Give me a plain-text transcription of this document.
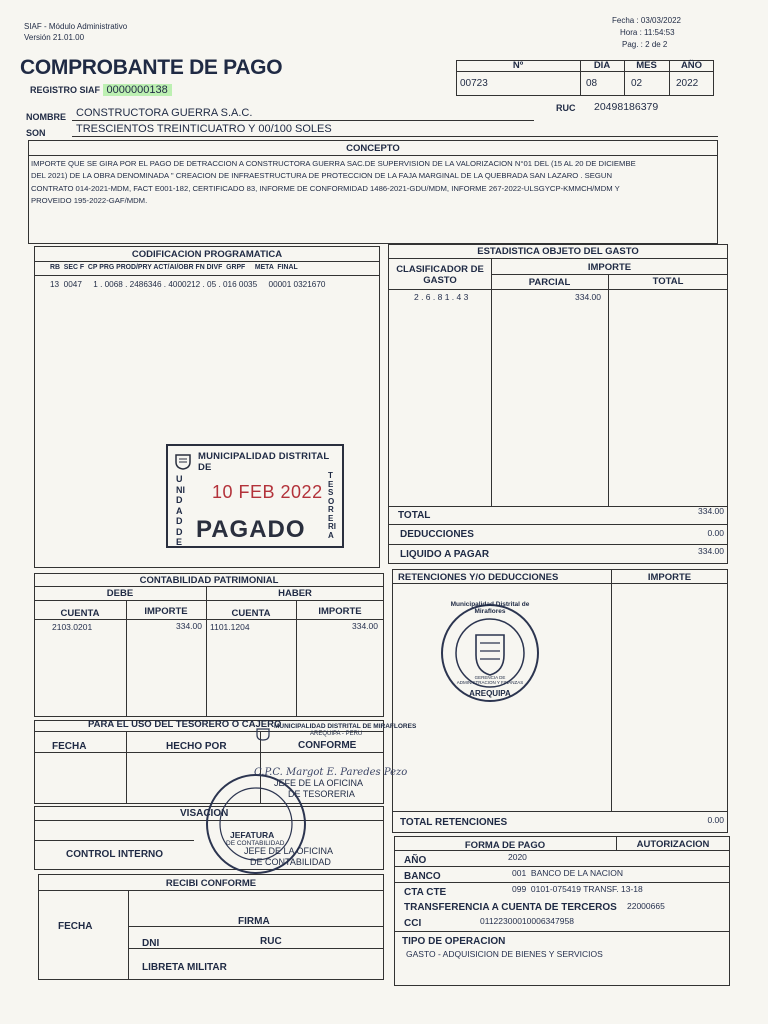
SIAF - Módulo Administrativo
Versión 21.01.00
Fecha : 03/03/2022
Hora : 11:54:53
Pag. : 2 de 2
COMPROBANTE DE PAGO
REGISTRO SIAF 0000000138
Nº	DIA	MES	AÑO
00723	08	02	2022
NOMBRE CONSTRUCTORA GUERRA S.A.C.	RUC 20498186379
SON	TRESCIENTOS TREINTICUATRO Y 00/100 SOLES
CONCEPTO
IMPORTE QUE SE GIRA POR EL PAGO DE DETRACCION A CONSTRUCTORA GUERRA SAC.DE SUPERVISION DE LA VALORIZACION N°01 DEL (15 AL 20 DE DICIEMBE
DEL 2021) DE LA OBRA DENOMINADA " CREACION DE INFRAESTRUCTURA DE PROTECCION DE LA FAJA MARGINAL DE LA QUEBRADA SAN LAZARO . SEGUN
CONTRATO 014-2021-MDM, FACT E001-182, CERTIFICADO 83, INFORME DE CONFORMIDAD 1486-2021-GDU/MDM, INFORME 267-2022-ULSGYCP-KMMCH/MDM Y
PROVEIDO 195-2022-GAF/MDM.
CODIFICACION PROGRAMATICA
RB  SEC F  CP PRG PROD/PRY ACT/AI/OBR FN DIVF  GRPF     META  FINAL
13  0047     1 . 0068 . 2486346 . 4000212 . 05 . 016 0035     00001 0321670
MUNICIPALIDAD DISTRITAL DE
UNIDAD DE
TESORERIA
10 FEB 2022
PAGADO
ESTADISTICA OBJETO DEL GASTO
CLASIFICADOR DE GASTO
IMPORTE
PARCIAL	TOTAL
2 . 6 . 8 1 . 4 3	334.00
TOTAL	334.00
DEDUCCIONES	0.00
LIQUIDO A PAGAR	334.00
CONTABILIDAD PATRIMONIAL
DEBE	HABER
CUENTA	IMPORTE	CUENTA	IMPORTE
2103.0201	334.00 1101.1204	334.00
RETENCIONES Y/O DEDUCCIONES	IMPORTE
TOTAL RETENCIONES	0.00
Municipalidad Distrital de Miraflores
GERENCIA DE ADMINISTRACION Y FINANZAS
AREQUIPA
PARA EL USO DEL TESORERO O CAJERO
FECHA	HECHO POR	CONFORME
MUNICIPALIDAD DISTRITAL DE MIRAFLORES
AREQUIPA - PERU
C.P.C. Margot E. Paredes Pezo
JEFE DE LA OFICINA
DE TESORERIA
VISACION
CONTROL INTERNO
JEFATURA
DE CONTABILIDAD
JEFE DE LA OFICINA
DE CONTABILIDAD
RECIBI CONFORME
FECHA	FIRMA
DNI	RUC
LIBRETA MILITAR
FORMA DE PAGO	AUTORIZACION
AÑO	2020
BANCO	001  BANCO DE LA NACION
CTA CTE	099  0101-075419 TRANSF. 13-18
TRANSFERENCIA A CUENTA DE TERCEROS 22000665
CCI	01122300010006347958
TIPO DE OPERACION
GASTO - ADQUISICION DE BIENES Y SERVICIOS
